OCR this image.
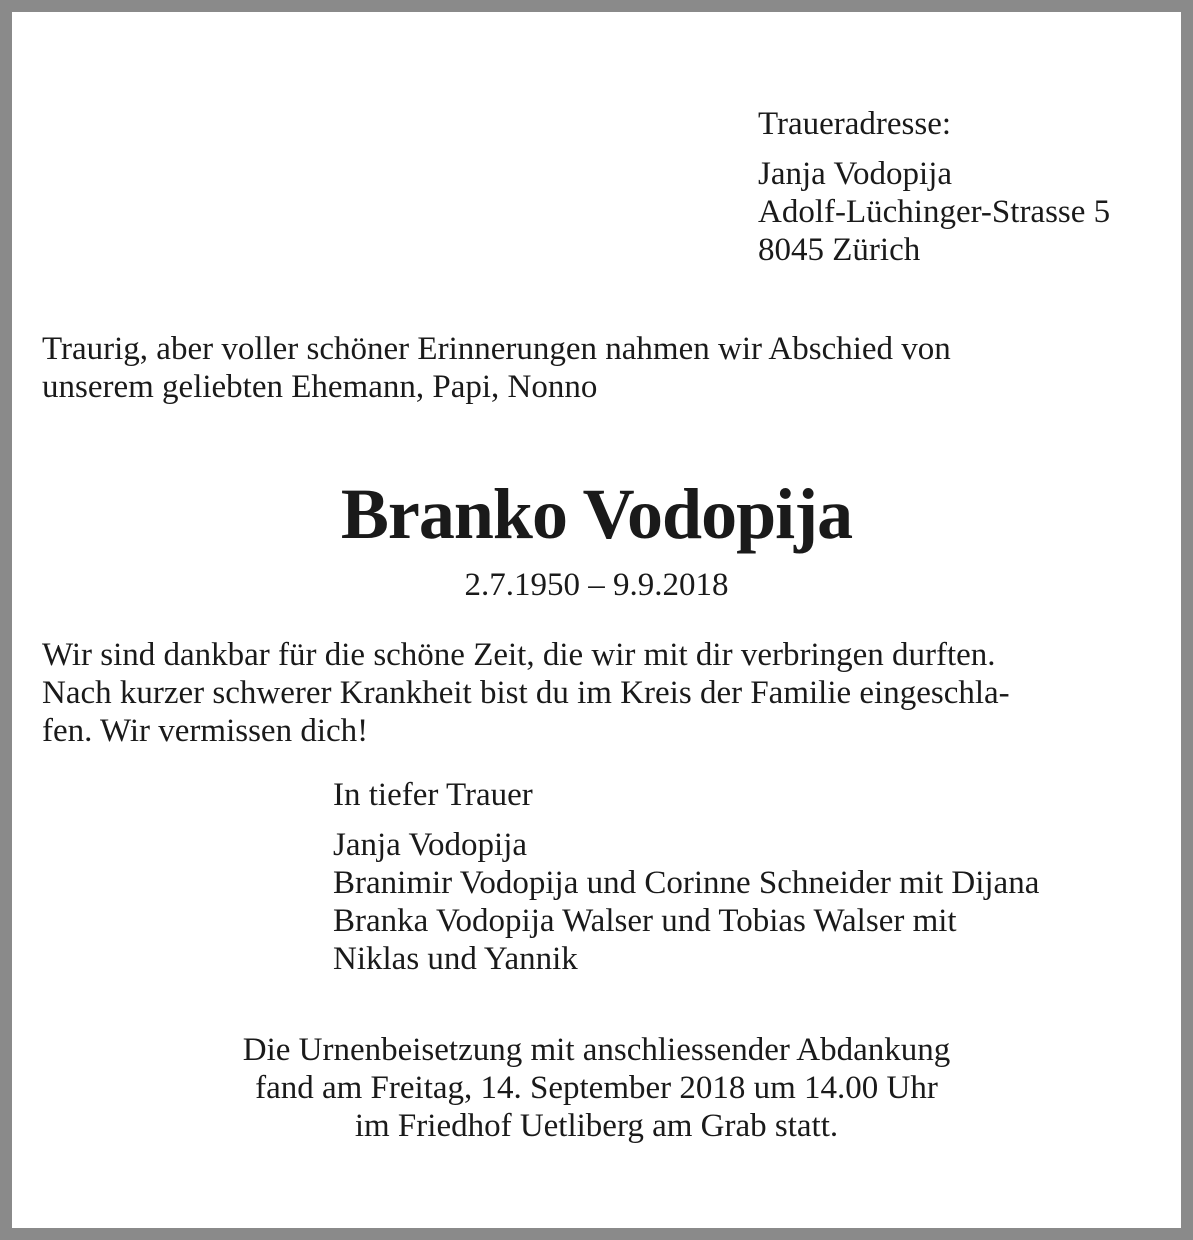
Traueradresse:
Janja Vodopija
Adolf-Lüchinger-Strasse 5
8045 Zürich
Traurig, aber voller schöner Erinnerungen nahmen wir Abschied von
unserem geliebten Ehemann, Papi, Nonno
Branko Vodopija
2.7.1950 – 9.9.2018
Wir sind dankbar für die schöne Zeit, die wir mit dir verbringen durften.
Nach kurzer schwerer Krankheit bist du im Kreis der Familie eingeschla-
fen. Wir vermissen dich!
In tiefer Trauer
Janja Vodopija
Branimir Vodopija und Corinne Schneider mit Dijana
Branka Vodopija Walser und Tobias Walser mit
Niklas und Yannik
Die Urnenbeisetzung mit anschliessender Abdankung
fand am Freitag, 14. September 2018 um 14.00 Uhr
im Friedhof Uetliberg am Grab statt.
